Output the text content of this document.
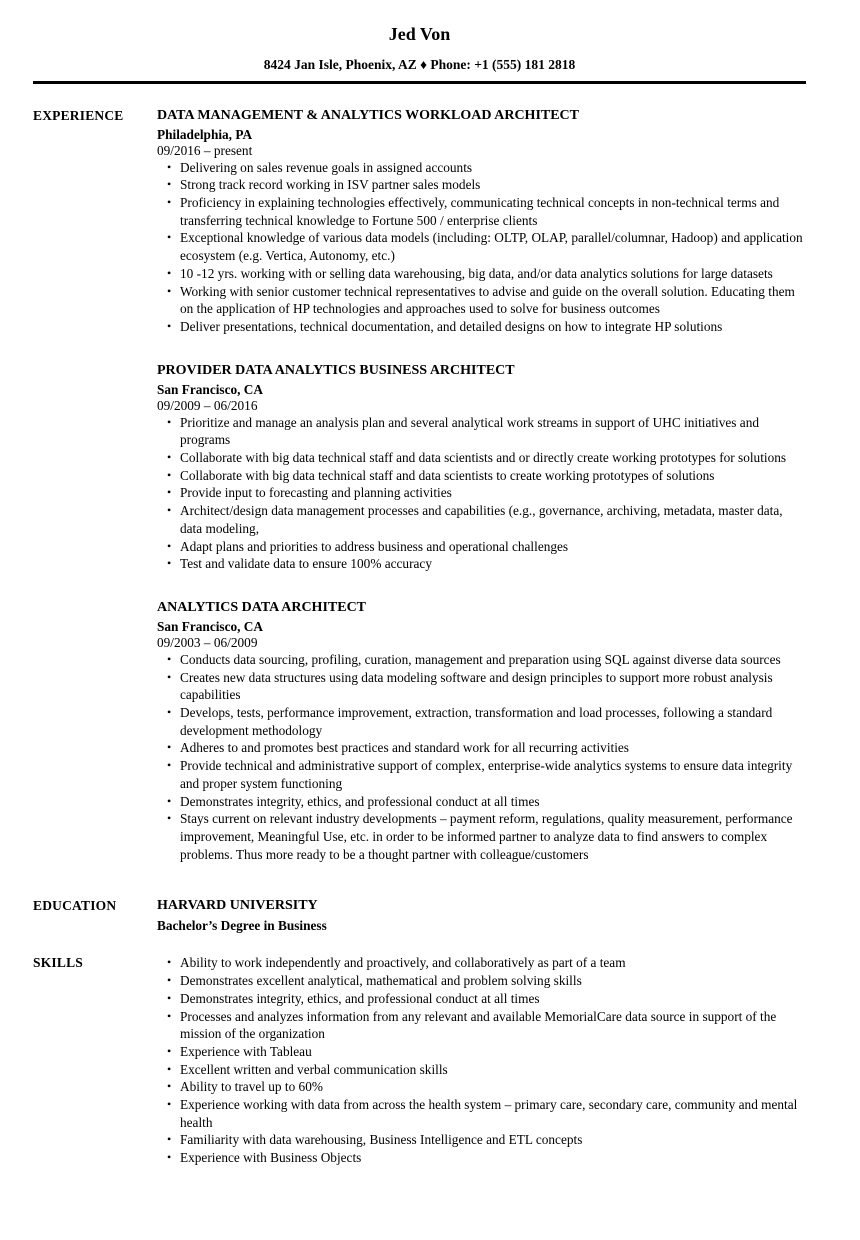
Jed Von
8424 Jan Isle, Phoenix, AZ ♦ Phone: +1 (555) 181 2818
EXPERIENCE	DATA MANAGEMENT & ANALYTICS WORKLOAD ARCHITECT
Philadelphia, PA
09/2016 – present
• Delivering on sales revenue goals in assigned accounts
• Strong track record working in ISV partner sales models
• Proficiency in explaining technologies effectively, communicating technical concepts in non-technical terms and transferring technical knowledge to Fortune 500 / enterprise clients
• Exceptional knowledge of various data models (including: OLTP, OLAP, parallel/columnar, Hadoop) and application ecosystem (e.g. Vertica, Autonomy, etc.)
• 10 -12 yrs. working with or selling data warehousing, big data, and/or data analytics solutions for large datasets
• Working with senior customer technical representatives to advise and guide on the overall solution. Educating them on the application of HP technologies and approaches used to solve for business outcomes
• Deliver presentations, technical documentation, and detailed designs on how to integrate HP solutions
PROVIDER DATA ANALYTICS BUSINESS ARCHITECT
San Francisco, CA
09/2009 – 06/2016
• Prioritize and manage an analysis plan and several analytical work streams in support of UHC initiatives and programs
• Collaborate with big data technical staff and data scientists and or directly create working prototypes for solutions
• Collaborate with big data technical staff and data scientists to create working prototypes of solutions
• Provide input to forecasting and planning activities
• Architect/design data management processes and capabilities (e.g., governance, archiving, metadata, master data, data modeling,
• Adapt plans and priorities to address business and operational challenges
• Test and validate data to ensure 100% accuracy
ANALYTICS DATA ARCHITECT
San Francisco, CA
09/2003 – 06/2009
• Conducts data sourcing, profiling, curation, management and preparation using SQL against diverse data sources
• Creates new data structures using data modeling software and design principles to support more robust analysis capabilities
• Develops, tests, performance improvement, extraction, transformation and load processes, following a standard development methodology
• Adheres to and promotes best practices and standard work for all recurring activities
• Provide technical and administrative support of complex, enterprise-wide analytics systems to ensure data integrity and proper system functioning
• Demonstrates integrity, ethics, and professional conduct at all times
• Stays current on relevant industry developments – payment reform, regulations, quality measurement, performance improvement, Meaningful Use, etc. in order to be informed partner to analyze data to find answers to complex problems. Thus more ready to be a thought partner with colleague/customers
EDUCATION	HARVARD UNIVERSITY
Bachelor’s Degree in Business
SKILLS	• Ability to work independently and proactively, and collaboratively as part of a team
• Demonstrates excellent analytical, mathematical and problem solving skills
• Demonstrates integrity, ethics, and professional conduct at all times
• Processes and analyzes information from any relevant and available MemorialCare data source in support of the mission of the organization
• Experience with Tableau
• Excellent written and verbal communication skills
• Ability to travel up to 60%
• Experience working with data from across the health system – primary care, secondary care, community and mental health
• Familiarity with data warehousing, Business Intelligence and ETL concepts
• Experience with Business Objects
